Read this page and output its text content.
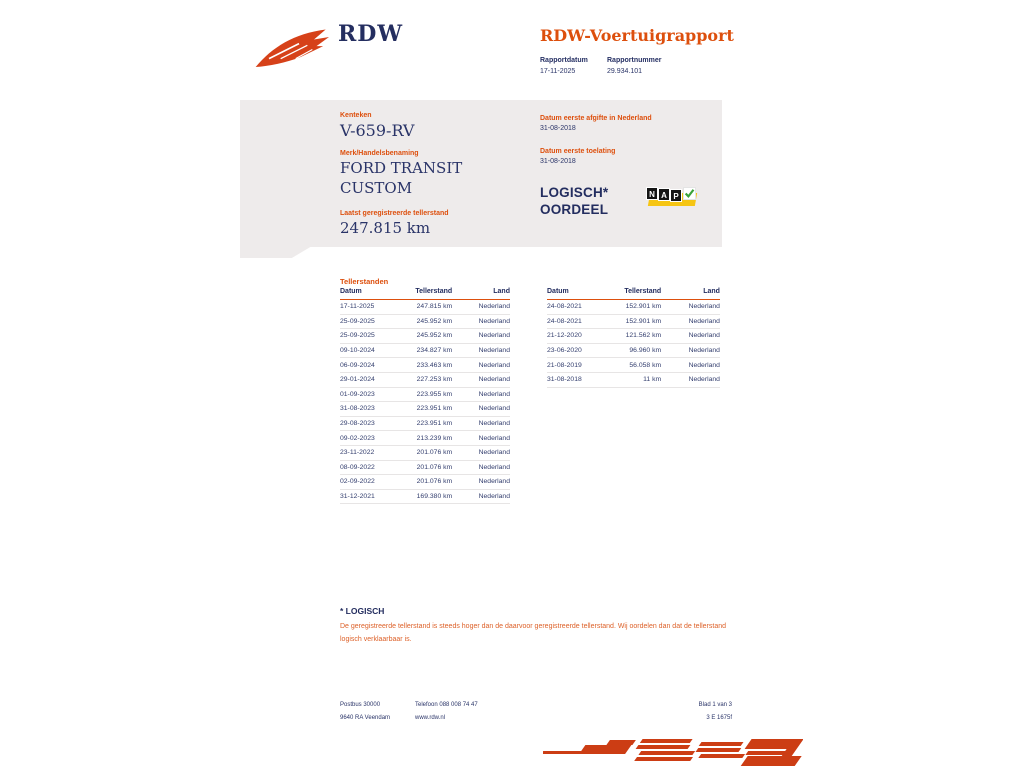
RDW	RDW-Voertuigrapport
Rapportdatum
17-11-2025
Rapportnummer
29.934.101
Kenteken
V-659-RV
Merk/Handelsbenaming
FORD TRANSIT CUSTOM
Laatst geregistreerde tellerstand
247.815 km
Datum eerste afgifte in Nederland
31-08-2018
Datum eerste toelating
31-08-2018
LOGISCH* OORDEEL
N A P
Tellerstanden
Datum	Tellerstand	Land
17-11-2025	247.815 km	Nederland
25-09-2025	245.952 km	Nederland
25-09-2025	245.952 km	Nederland
09-10-2024	234.827 km	Nederland
06-09-2024	233.463 km	Nederland
29-01-2024	227.253 km	Nederland
01-09-2023	223.955 km	Nederland
31-08-2023	223.951 km	Nederland
29-08-2023	223.951 km	Nederland
09-02-2023	213.239 km	Nederland
23-11-2022	201.076 km	Nederland
08-09-2022	201.076 km	Nederland
02-09-2022	201.076 km	Nederland
31-12-2021	169.380 km	Nederland
Datum	Tellerstand	Land
24-08-2021	152.901 km	Nederland
24-08-2021	152.901 km	Nederland
21-12-2020	121.562 km	Nederland
23-06-2020	96.960 km	Nederland
21-08-2019	56.058 km	Nederland
31-08-2018	11 km	Nederland
* LOGISCH
De geregistreerde tellerstand is steeds hoger dan de daarvoor geregistreerde tellerstand. Wij oordelen dan dat de tellerstand logisch verklaarbaar is.
Postbus 30000
9640 RA Veendam
Telefoon 088 008 74 47
www.rdw.nl
Blad 1 van 3
3 E 1675f
